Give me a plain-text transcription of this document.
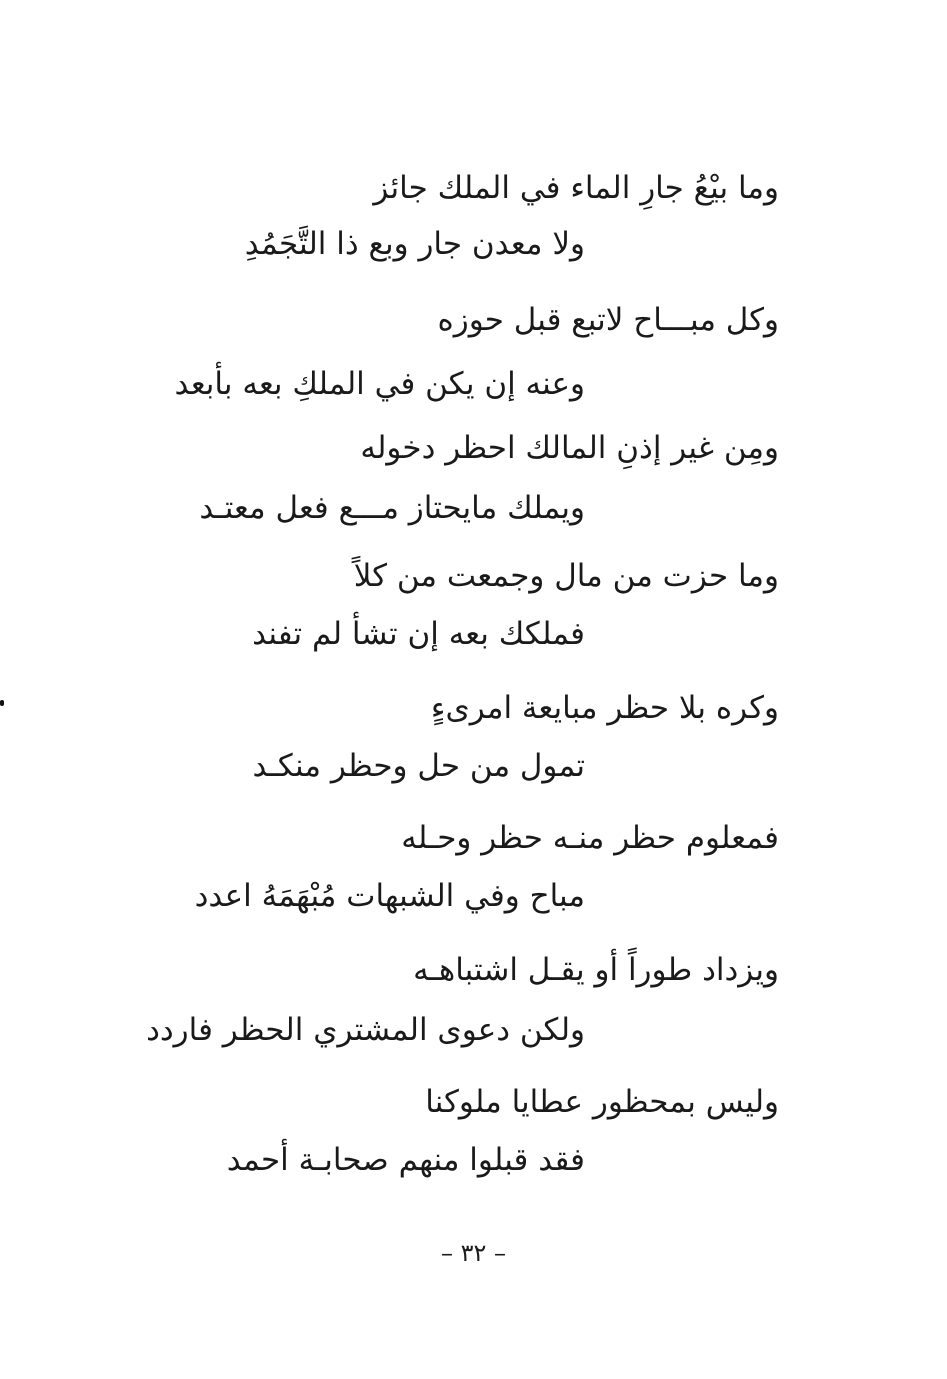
وما بيْعُ جارِ الماء في الملك جائز
ولا معدن جار وبع ذا التَّجَمُدِ
وكل مبـــاح لاتبع قبل حوزه
وعنه إن يكن في الملكِ بعه بأبعد
ومِن غير إذنِ المالك احظر دخوله
ويملك مايحتاز مـــع فعل معتـد
وما حزت من مال وجمعت من كلاً
فملكك بعه إن تشأ لم تفند
وكره بلا حظر مبايعة امرىءٍ
تمول من حل وحظر منكـد
فمعلوم حظر منـه حظر وحـله
مباح وفي الشبهات مُبْهَمَهُ اعدد
ويزداد طوراً أو يقـل اشتباهـه
ولكن دعوى المشتري الحظر فاردد
وليس بمحظور عطايا ملوكنا
فقد قبلوا منهم صحابـة أحمد
– ٣٢ –
